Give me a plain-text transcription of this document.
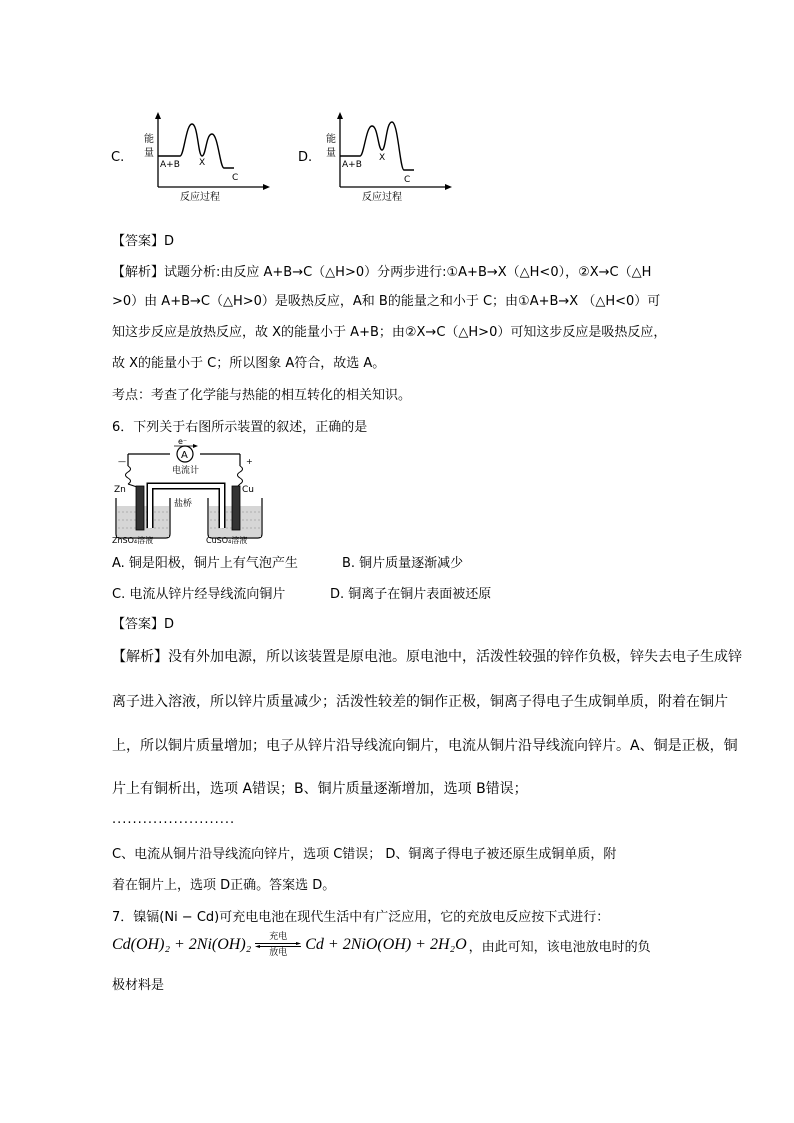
C.
能
量
A+B X
C
反应过程
D.
能
量
A+B
X
C
反应过程
【答案】D
【解析】试题分析:由反应 A+B→C（△H>0）分两步进行:①A+B→X（△H<0），②X→C（△H
>0）由 A+B→C（△H>0）是吸热反应，A和 B的能量之和小于 C；由①A+B→X （△H<0）可
知这步反应是放热反应，故 X的能量小于 A+B；由②X→C（△H>0）可知这步反应是吸热反应，
故 X的能量小于 C；所以图象 A符合，故选 A。
考点：考查了化学能与热能的相互转化的相关知识。
6．下列关于右图所示装置的叙述，正确的是
A
e⁻
电流计
—	+
Zn	Cu
盐桥
ZnSO₄溶液	CuSO₄溶液
A. 铜是阳极，铜片上有气泡产生	B. 铜片质量逐渐减少
C. 电流从锌片经导线流向铜片	D. 铜离子在铜片表面被还原
【答案】D
【解析】没有外加电源，所以该装置是原电池。原电池中，活泼性较强的锌作负极，锌失去电子生成锌
离子进入溶液，所以锌片质量减少；活泼性较差的铜作正极，铜离子得电子生成铜单质，附着在铜片
上，所以铜片质量增加；电子从锌片沿导线流向铜片，电流从铜片沿导线流向锌片。A、铜是正极，铜
片上有铜析出，选项 A错误；B、铜片质量逐渐增加，选项 B错误；
........................
C、电流从铜片沿导线流向锌片，选项 C错误； D、铜离子得电子被还原生成铜单质，附
着在铜片上，选项 D正确。答案选 D。
7．镍镉(Ni − Cd)可充电电池在现代生活中有广泛应用，它的充放电反应按下式进行：
Cd(OH)₂ + 2Ni(OH)₂	充电
放电	Cd + 2NiO(OH) + 2H₂O ，由此可知，该电池放电时的负
极材料是
